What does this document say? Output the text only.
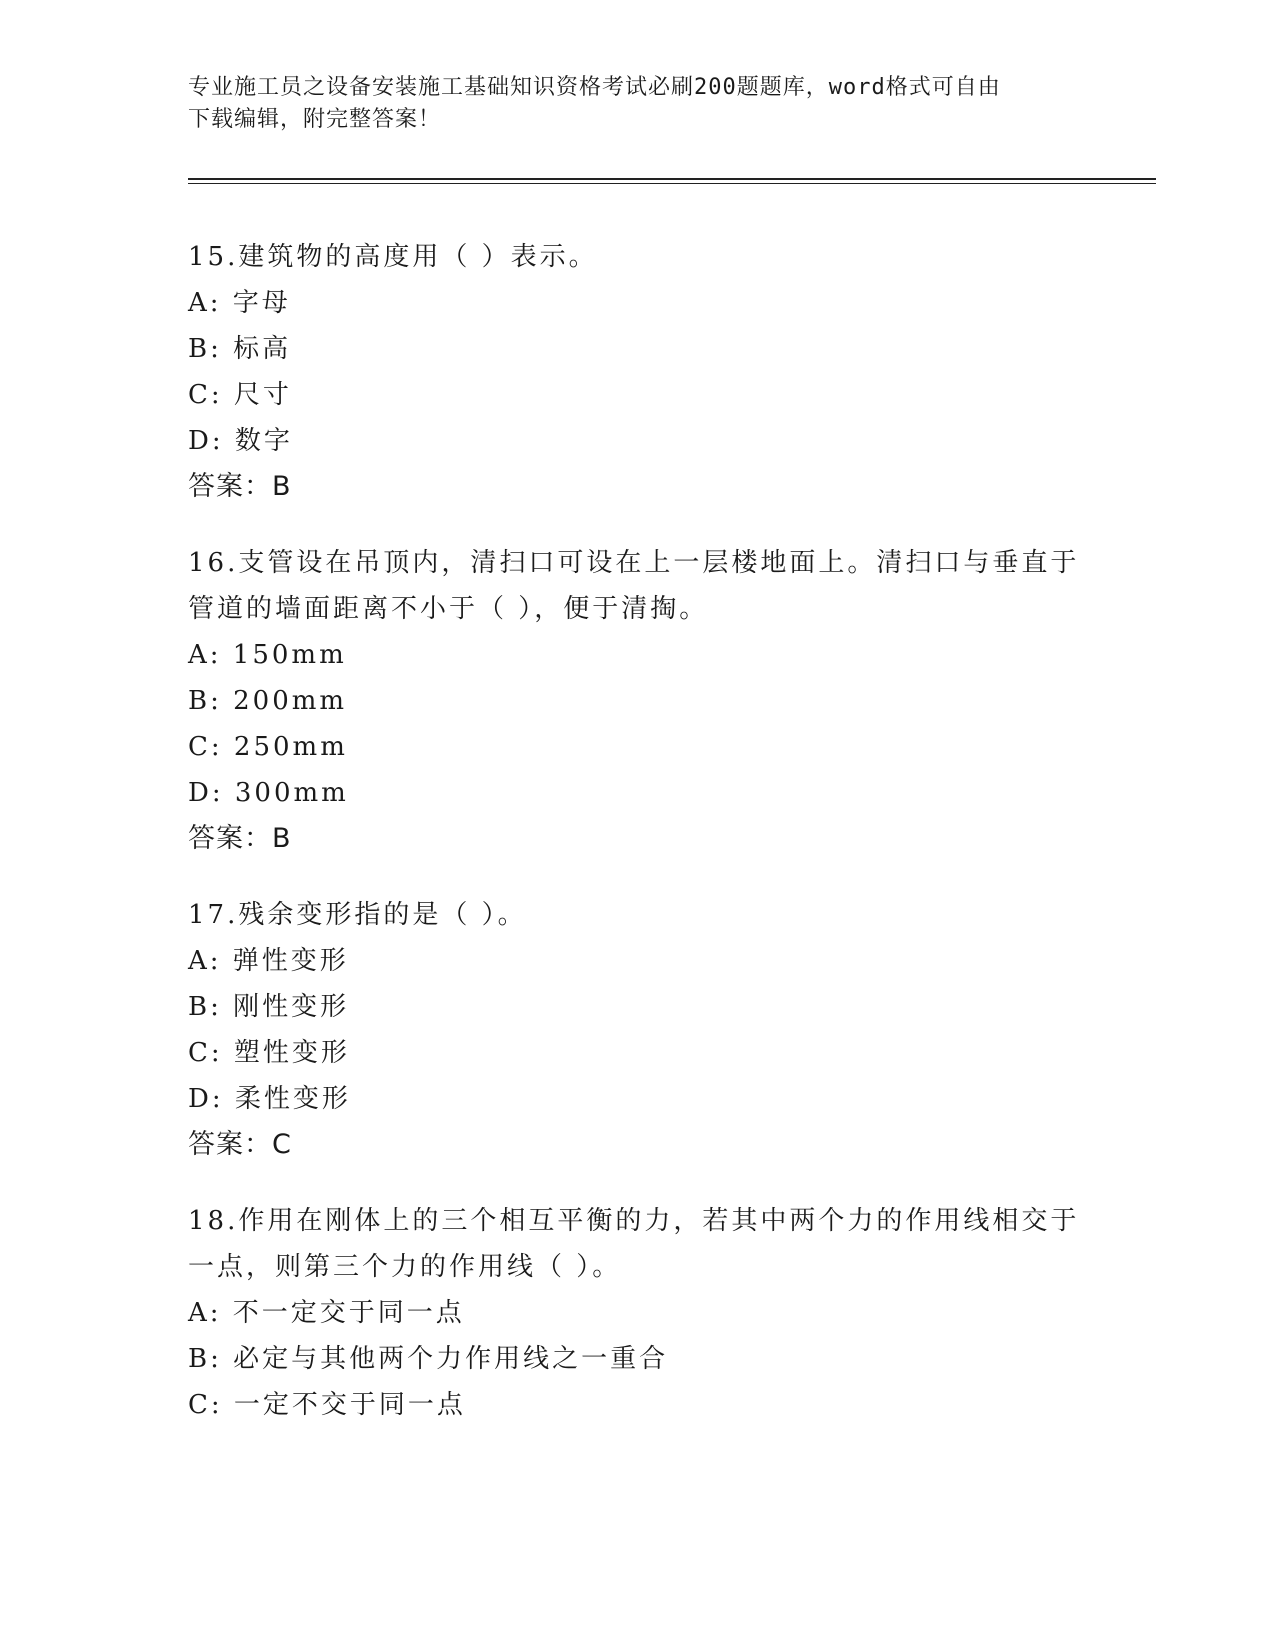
专业施工员之设备安装施工基础知识资格考试必刷200题题库，word格式可自由
下载编辑，附完整答案！
15.建筑物的高度用（ ）表示。
A: 字母
B: 标高
C: 尺寸
D: 数字
答案：B
16.支管设在吊顶内，清扫口可设在上一层楼地面上。清扫口与垂直于
管道的墙面距离不小于（ ），便于清掏。
A: 150mm
B: 200mm
C: 250mm
D: 300mm
答案：B
17.残余变形指的是（ ）。
A: 弹性变形
B: 刚性变形
C: 塑性变形
D: 柔性变形
答案：C
18.作用在刚体上的三个相互平衡的力，若其中两个力的作用线相交于
一点，则第三个力的作用线（ ）。
A: 不一定交于同一点
B: 必定与其他两个力作用线之一重合
C: 一定不交于同一点
